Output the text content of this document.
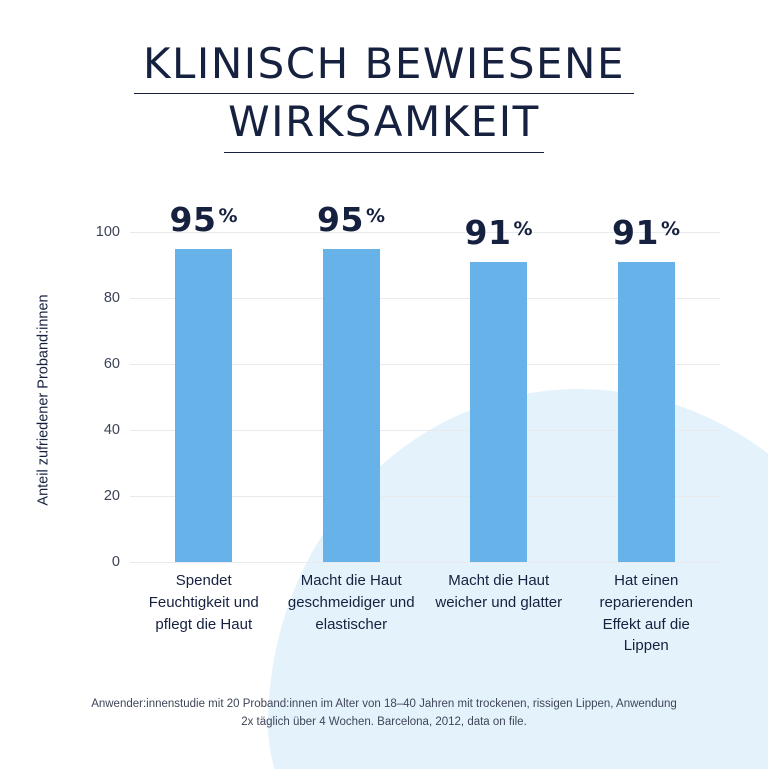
KLINISCH BEWIESENE
WIRKSAMKEIT
Anteil zufriedener Proband:innen
100
80
60
40
20
0
95 % 95 % 91 % 91 %
Spendet Feuchtigkeit und pflegt die Haut
Macht die Haut geschmeidiger und elastischer
Macht die Haut weicher und glatter
Hat einen reparierenden Effekt auf die Lippen
Anwender:innenstudie mit 20 Proband:innen im Alter von 18–40 Jahren mit trockenen, rissigen Lippen, Anwendung 2x täglich über 4 Wochen. Barcelona, 2012, data on file.
